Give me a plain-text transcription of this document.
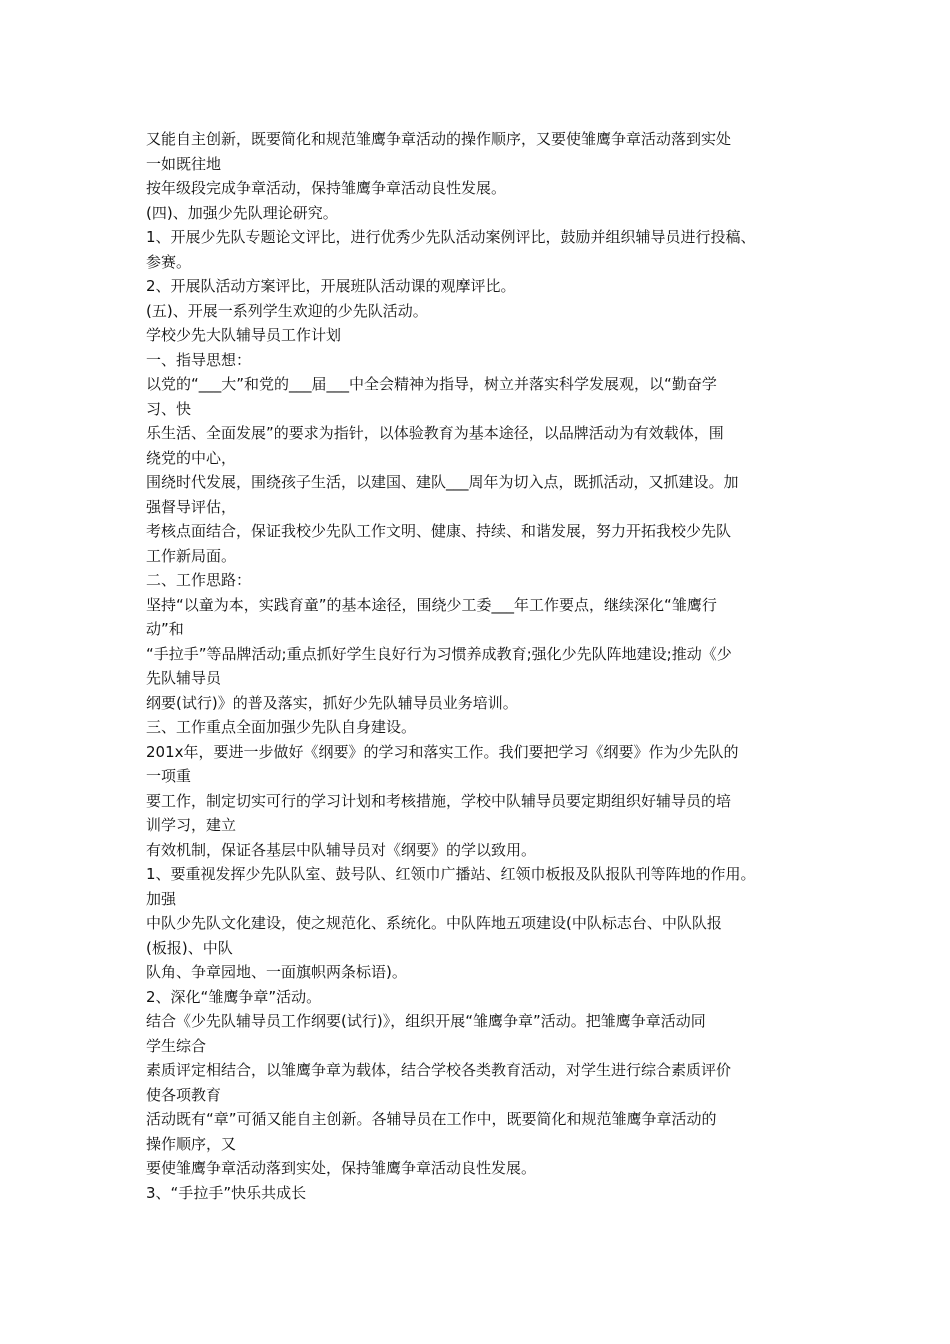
又能自主创新，既要简化和规范雏鹰争章活动的操作顺序，又要使雏鹰争章活动落到实处
一如既往地
按年级段完成争章活动，保持雏鹰争章活动良性发展。
(四)、加强少先队理论研究。
1、开展少先队专题论文评比，进行优秀少先队活动案例评比，鼓励并组织辅导员进行投稿、
参赛。
2、开展队活动方案评比，开展班队活动课的观摩评比。
(五)、开展一系列学生欢迎的少先队活动。
学校少先大队辅导员工作计划
一、指导思想：
以党的“___大”和党的___届___中全会精神为指导，树立并落实科学发展观，以“勤奋学
习、快
乐生活、全面发展”的要求为指针，以体验教育为基本途径，以品牌活动为有效载体，围
绕党的中心，
围绕时代发展，围绕孩子生活，以建国、建队___周年为切入点，既抓活动，又抓建设。加
强督导评估，
考核点面结合，保证我校少先队工作文明、健康、持续、和谐发展，努力开拓我校少先队
工作新局面。
二、工作思路：
坚持“以童为本，实践育童”的基本途径，围绕少工委___年工作要点，继续深化“雏鹰行
动”和
“手拉手”等品牌活动;重点抓好学生良好行为习惯养成教育;强化少先队阵地建设;推动《少
先队辅导员
纲要(试行)》的普及落实，抓好少先队辅导员业务培训。
三、工作重点全面加强少先队自身建设。
201x年，要进一步做好《纲要》的学习和落实工作。我们要把学习《纲要》作为少先队的
一项重
要工作，制定切实可行的学习计划和考核措施，学校中队辅导员要定期组织好辅导员的培
训学习，建立
有效机制，保证各基层中队辅导员对《纲要》的学以致用。
1、要重视发挥少先队队室、鼓号队、红领巾广播站、红领巾板报及队报队刊等阵地的作用。
加强
中队少先队文化建设，使之规范化、系统化。中队阵地五项建设(中队标志台、中队队报
(板报)、中队
队角、争章园地、一面旗帜两条标语)。
2、深化“雏鹰争章”活动。
结合《少先队辅导员工作纲要(试行)》，组织开展“雏鹰争章”活动。把雏鹰争章活动同
学生综合
素质评定相结合，以雏鹰争章为载体，结合学校各类教育活动，对学生进行综合素质评价
使各项教育
活动既有“章”可循又能自主创新。各辅导员在工作中，既要简化和规范雏鹰争章活动的
操作顺序，又
要使雏鹰争章活动落到实处，保持雏鹰争章活动良性发展。
3、“手拉手”快乐共成长
